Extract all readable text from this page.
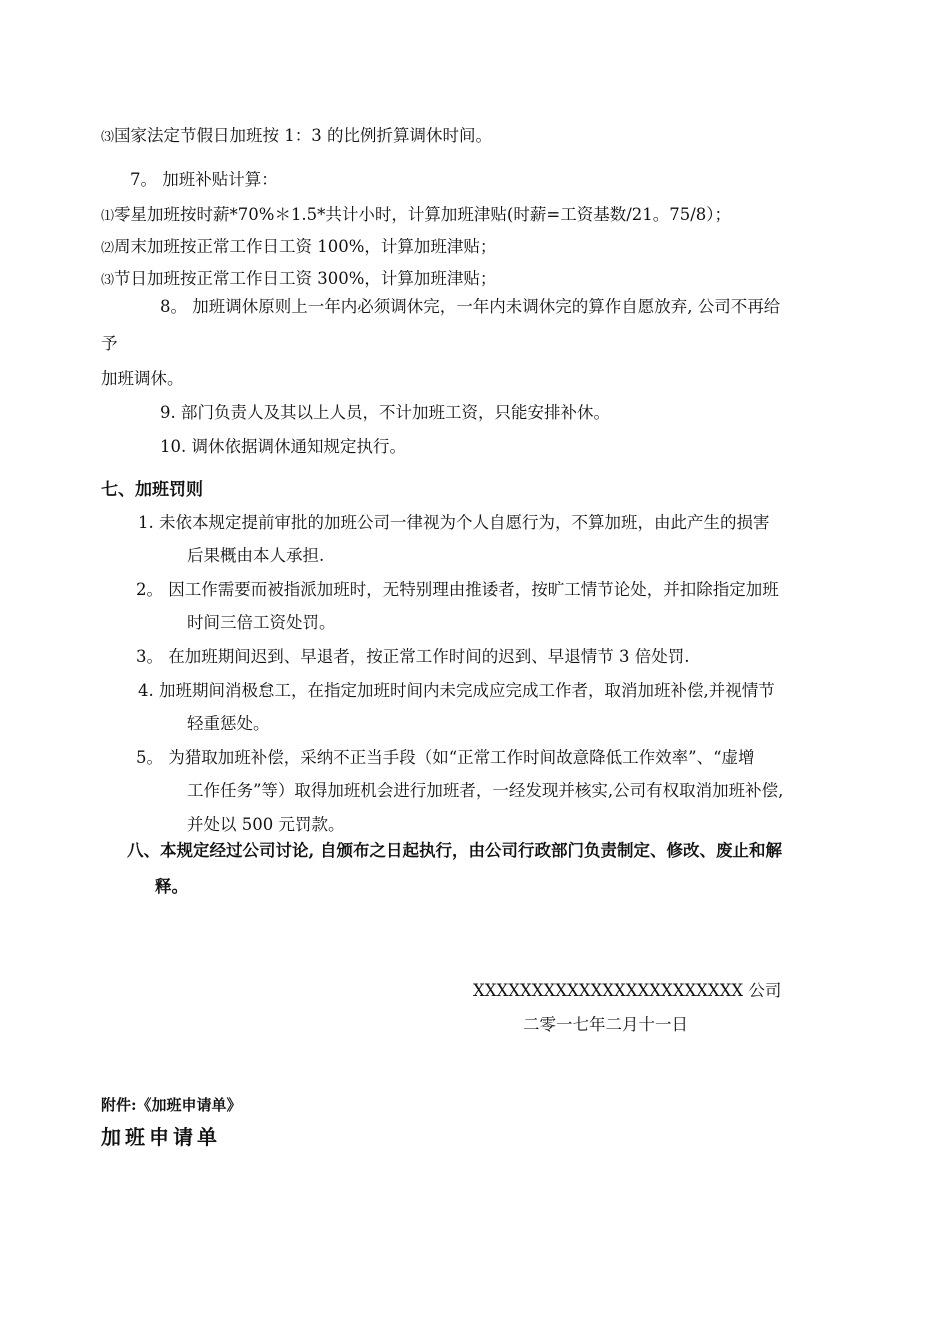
⑶国家法定节假日加班按 1：3 的比例折算调休时间。
7。 加班补贴计算：
⑴零星加班按时薪*70%＊1.5*共计小时，计算加班津贴(时薪=工资基数/21。75/8）；
⑵周末加班按正常工作日工资 100%，计算加班津贴；
⑶节日加班按正常工作日工资 300%，计算加班津贴；
8。 加班调休原则上一年内必须调休完，一年内未调休完的算作自愿放弃, 公司不再给
予
加班调休。
9. 部门负责人及其以上人员，不计加班工资，只能安排补休。
10. 调休依据调休通知规定执行。
七、加班罚则
1. 未依本规定提前审批的加班公司一律视为个人自愿行为，不算加班，由此产生的损害
后果概由本人承担.
2。 因工作需要而被指派加班时，无特别理由推诿者，按旷工情节论处，并扣除指定加班
时间三倍工资处罚。
3。 在加班期间迟到、早退者，按正常工作时间的迟到、早退情节 3 倍处罚.
4. 加班期间消极怠工，在指定加班时间内未完成应完成工作者，取消加班补偿,并视情节
轻重惩处。
5。 为猎取加班补偿，采纳不正当手段（如“正常工作时间故意降低工作效率”、“虚增
工作任务”等）取得加班机会进行加班者，一经发现并核实,公司有权取消加班补偿,
并处以 500 元罚款。
八、本规定经过公司讨论, 自颁布之日起执行，由公司行政部门负责制定、修改、废止和解
释。
XXXXXXXXXXXXXXXXXXXXXXX 公司
二零一七年二月十一日
附件:《加班申请单》
加班申请单
